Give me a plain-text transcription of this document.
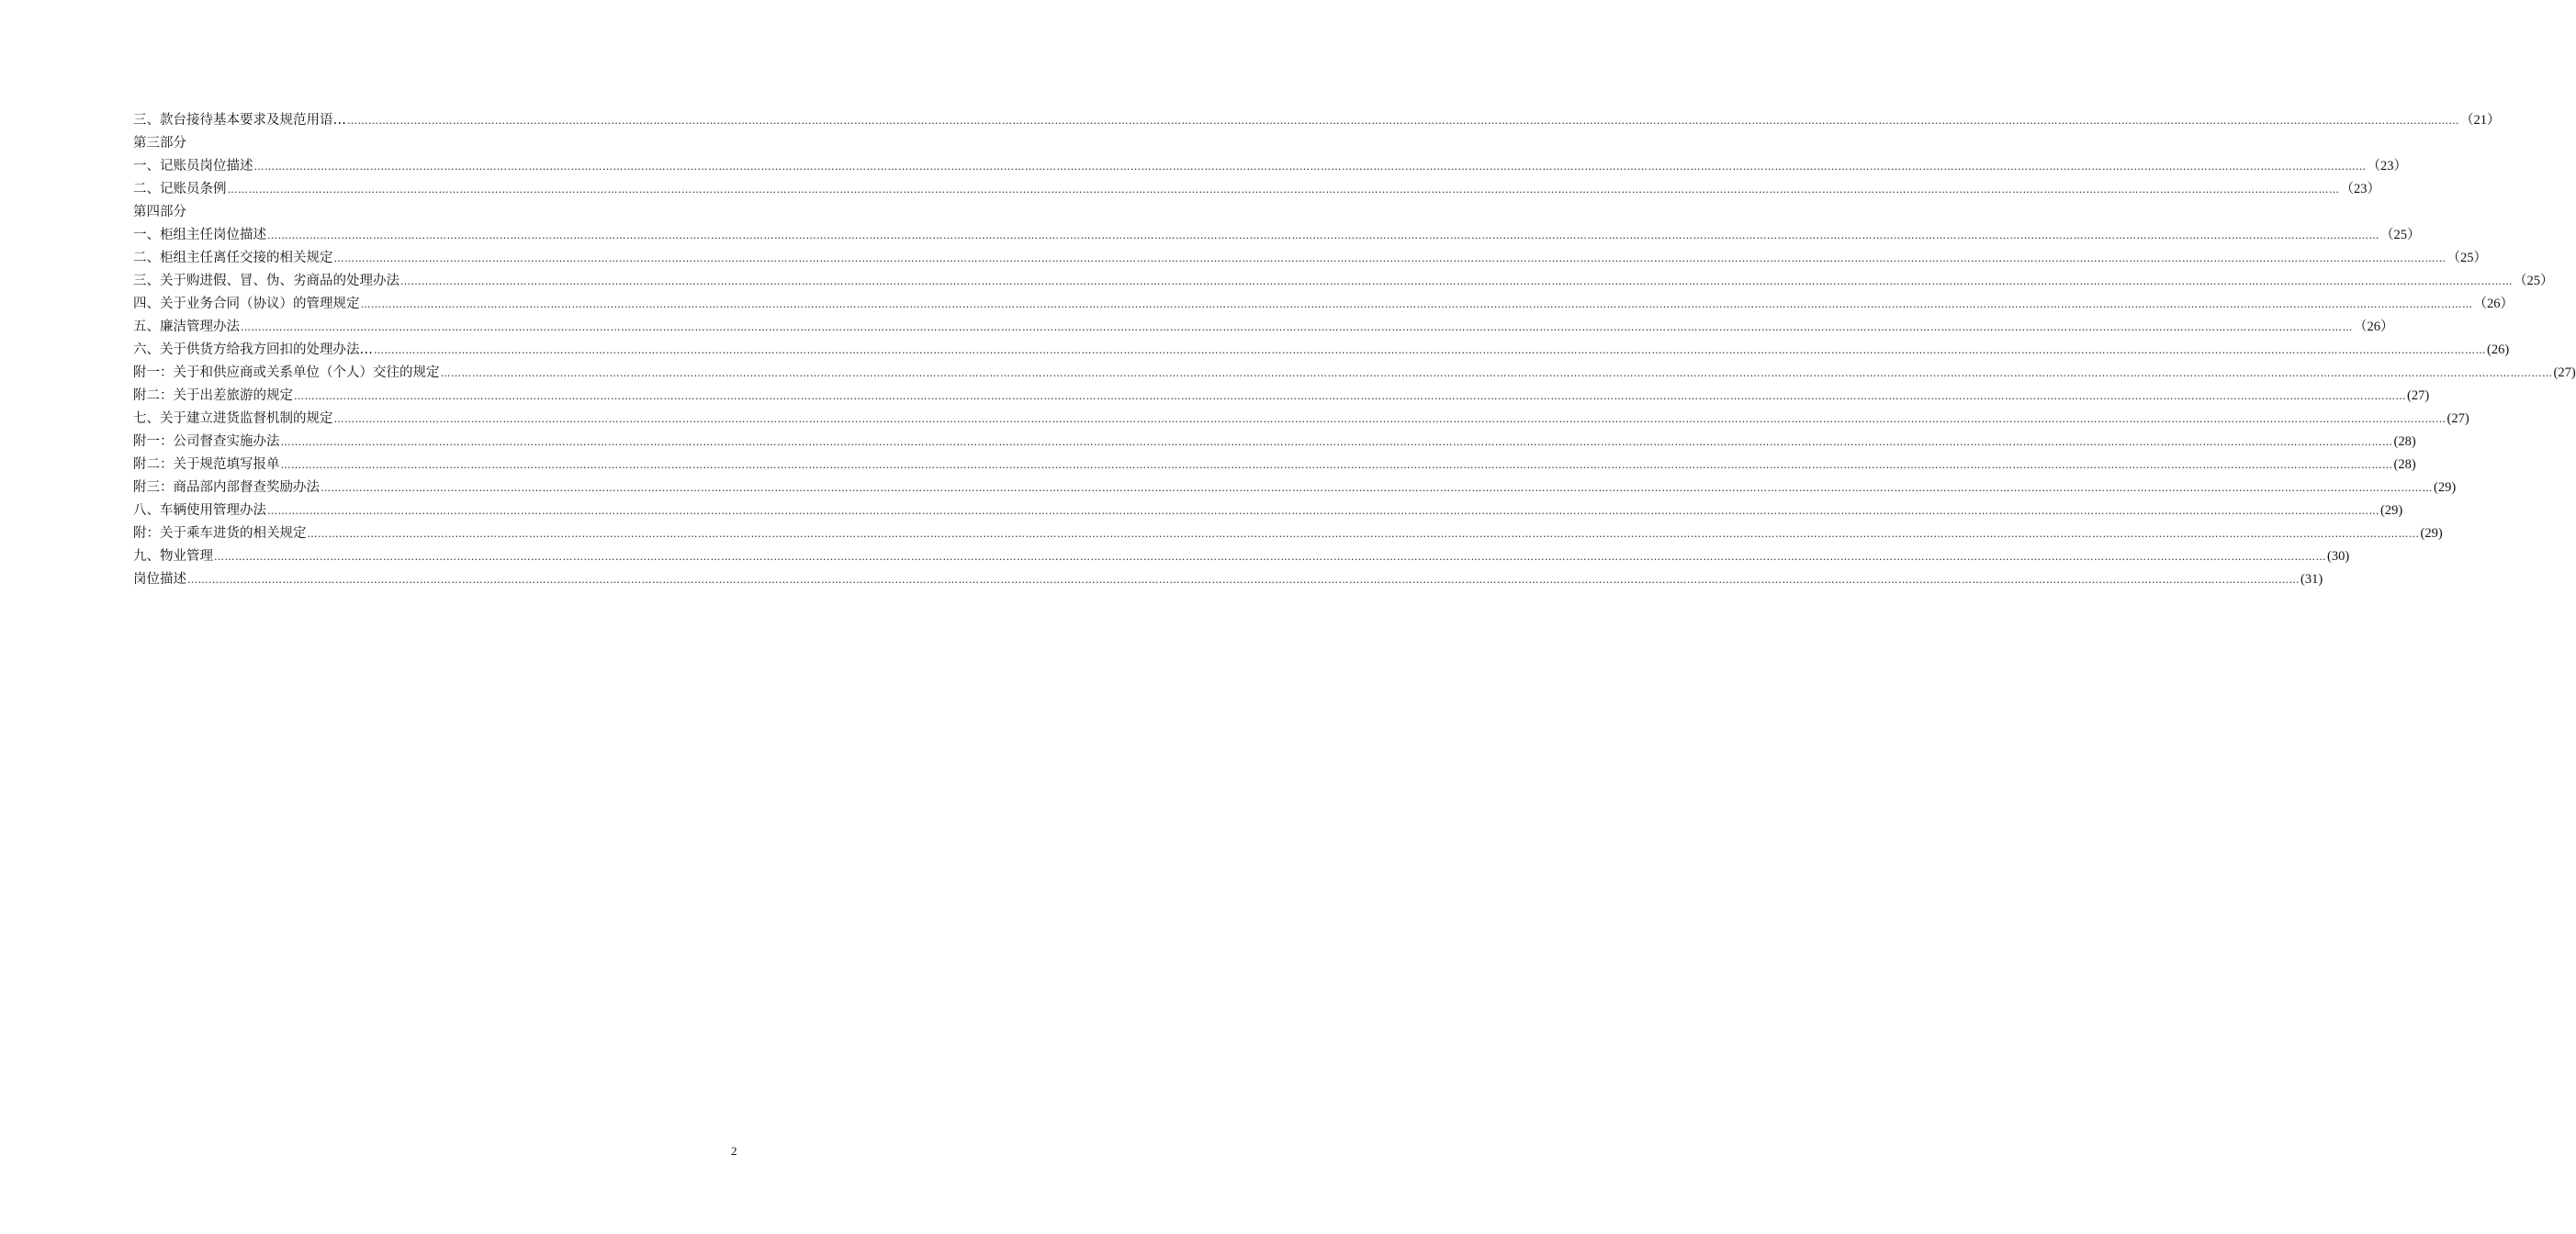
三、款台接待基本要求及规范用语… …………………………………………………………………………………………………………………………………………………………………………………………………………………………………………………………………………………………………………………………………………………………………………………………………………………………………………………………………………………………………………………………………………………… （21）
第三部分
一、记账员岗位描述 …………………………………………………………………………………………………………………………………………………………………………………………………………………………………………………………………………………………………………………………………………………………………………………………………………………………………………………………………………………………………………………………………………………… （23）
二、记账员条例 …………………………………………………………………………………………………………………………………………………………………………………………………………………………………………………………………………………………………………………………………………………………………………………………………………………………………………………………………………………………………………………………………………………… （23）
第四部分
一、柜组主任岗位描述 …………………………………………………………………………………………………………………………………………………………………………………………………………………………………………………………………………………………………………………………………………………………………………………………………………………………………………………………………………………………………………………………………………………… （25）
二、柜组主任离任交接的相关规定 …………………………………………………………………………………………………………………………………………………………………………………………………………………………………………………………………………………………………………………………………………………………………………………………………………………………………………………………………………………………………………………………………………………… （25）
三、关于购进假、冒、伪、劣商品的处理办法 …………………………………………………………………………………………………………………………………………………………………………………………………………………………………………………………………………………………………………………………………………………………………………………………………………………………………………………………………………………………………………………………………………………… （25）
四、关于业务合同（协议）的管理规定 …………………………………………………………………………………………………………………………………………………………………………………………………………………………………………………………………………………………………………………………………………………………………………………………………………………………………………………………………………………………………………………………………………………… （26）
五、廉洁管理办法 …………………………………………………………………………………………………………………………………………………………………………………………………………………………………………………………………………………………………………………………………………………………………………………………………………………………………………………………………………………………………………………………………………………… （26）
六、关于供货方给我方回扣的处理办法… …………………………………………………………………………………………………………………………………………………………………………………………………………………………………………………………………………………………………………………………………………………………………………………………………………………………………………………………………………………………………………………………………………………… (26)
附一：关于和供应商或关系单位（个人）交往的规定 …………………………………………………………………………………………………………………………………………………………………………………………………………………………………………………………………………………………………………………………………………………………………………………………………………………………………………………………………………………………………………………………………………………… (27)
附二：关于出差旅游的规定 …………………………………………………………………………………………………………………………………………………………………………………………………………………………………………………………………………………………………………………………………………………………………………………………………………………………………………………………………………………………………………………………………………………… (27)
七、关于建立进货监督机制的规定 …………………………………………………………………………………………………………………………………………………………………………………………………………………………………………………………………………………………………………………………………………………………………………………………………………………………………………………………………………………………………………………………………………………… (27)
附一：公司督查实施办法 …………………………………………………………………………………………………………………………………………………………………………………………………………………………………………………………………………………………………………………………………………………………………………………………………………………………………………………………………………………………………………………………………………………… (28)
附二：关于规范填写报单 …………………………………………………………………………………………………………………………………………………………………………………………………………………………………………………………………………………………………………………………………………………………………………………………………………………………………………………………………………………………………………………………………………………… (28)
附三：商品部内部督查奖励办法 …………………………………………………………………………………………………………………………………………………………………………………………………………………………………………………………………………………………………………………………………………………………………………………………………………………………………………………………………………………………………………………………………………………… (29)
八、车辆使用管理办法 …………………………………………………………………………………………………………………………………………………………………………………………………………………………………………………………………………………………………………………………………………………………………………………………………………………………………………………………………………………………………………………………………………………… (29)
附：关于乘车进货的相关规定 …………………………………………………………………………………………………………………………………………………………………………………………………………………………………………………………………………………………………………………………………………………………………………………………………………………………………………………………………………………………………………………………………………………… (29)
九、物业管理 …………………………………………………………………………………………………………………………………………………………………………………………………………………………………………………………………………………………………………………………………………………………………………………………………………………………………………………………………………………………………………………………………………………… (30)
岗位描述 …………………………………………………………………………………………………………………………………………………………………………………………………………………………………………………………………………………………………………………………………………………………………………………………………………………………………………………………………………………………………………………………………………………… (31)
2
